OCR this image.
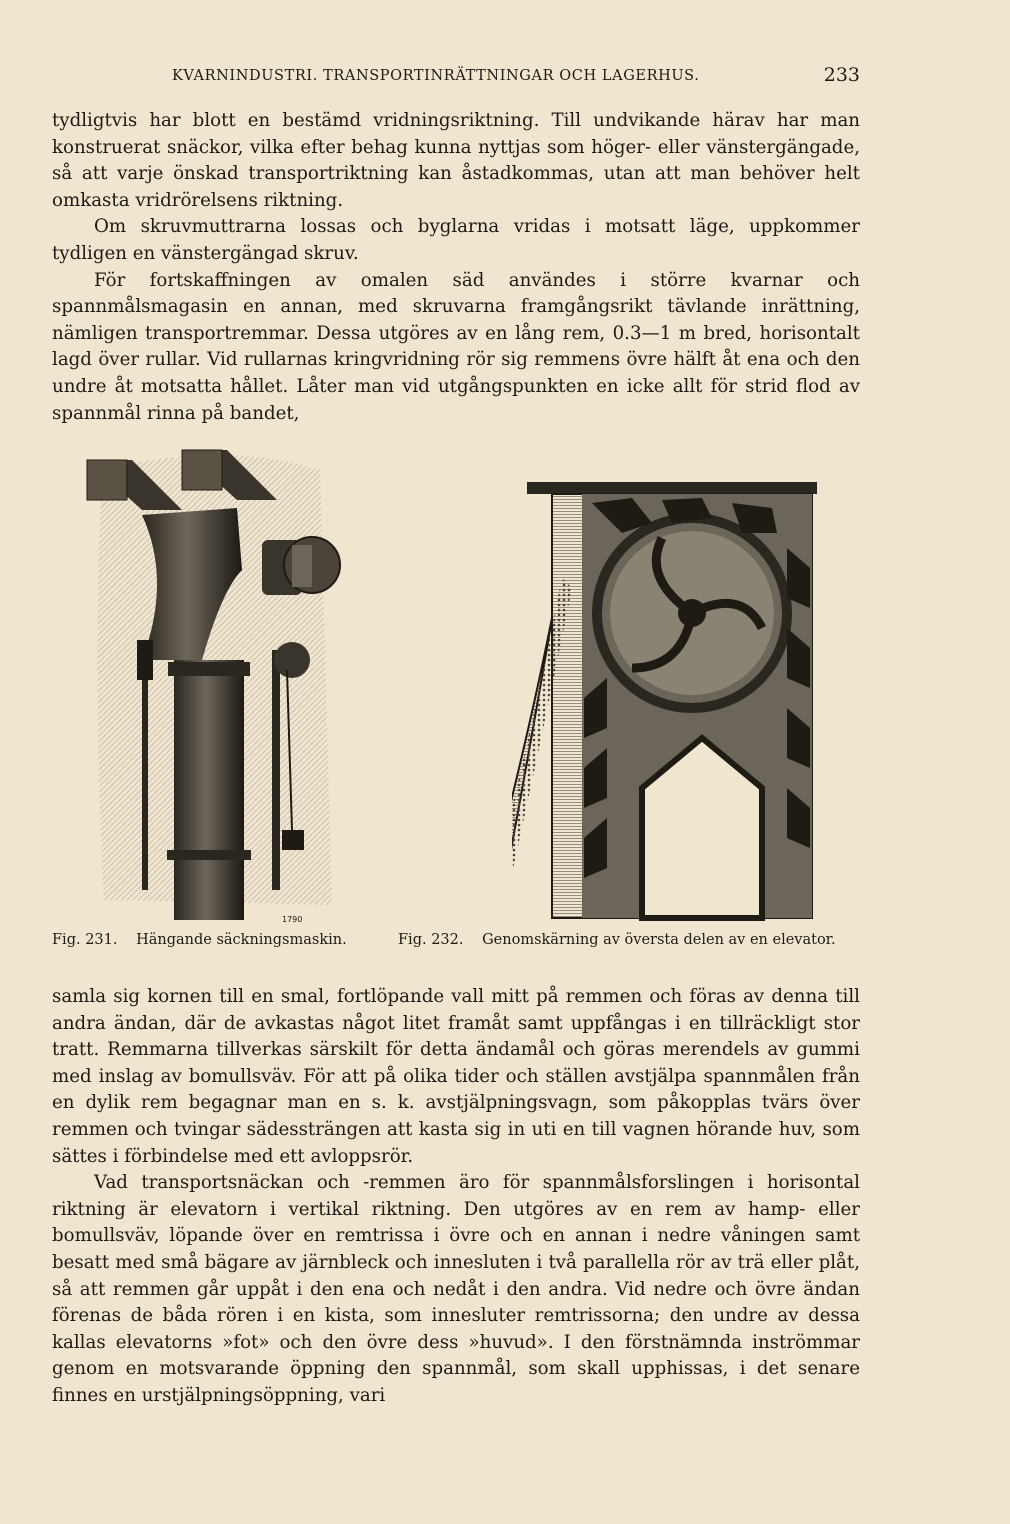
KVARNINDUSTRI. TRANSPORTINRÄTTNINGAR OCH LAGERHUS.	233

tydligtvis har blott en bestämd vridningsriktning. Till undvikande härav har man konstruerat snäckor, vilka efter behag kunna nyttjas som höger- eller vänstergängade, så att varje önskad transportriktning kan åstadkommas, utan att man behöver helt omkasta vridrörelsens riktning.

Om skruvmuttrarna lossas och byglarna vridas i motsatt läge, uppkommer tydligen en vänstergängad skruv.

För fortskaffningen av omalen säd användes i större kvarnar och spannmålsmagasin en annan, med skruvarna framgångsrikt tävlande inrättning, nämligen transportremmar. Dessa utgöres av en lång rem, 0.3—1 m bred, horisontalt lagd över rullar. Vid rullarnas kringvridning rör sig remmens övre hälft åt ena och den undre åt motsatta hållet. Låter man vid utgångspunkten en icke allt för strid flod av spannmål rinna på bandet,

1790
Fig. 231. Hängande säckningsmaskin.	Fig. 232. Genomskärning av översta delen av en elevator.

samla sig kornen till en smal, fortlöpande vall mitt på remmen och föras av denna till andra ändan, där de avkastas något litet framåt samt uppfångas i en tillräckligt stor tratt. Remmarna tillverkas särskilt för detta ändamål och göras merendels av gummi med inslag av bomullsväv. För att på olika tider och ställen avstjälpa spannmålen från en dylik rem begagnar man en s. k. avstjälpningsvagn, som påkopplas tvärs över remmen och tvingar sädessträngen att kasta sig in uti en till vagnen hörande huv, som sättes i förbindelse med ett avloppsrör.

Vad transportsnäckan och -remmen äro för spannmålsforslingen i horisontal riktning är elevatorn i vertikal riktning. Den utgöres av en rem av hamp- eller bomullsväv, löpande över en remtrissa i övre och en annan i nedre våningen samt besatt med små bägare av järnbleck och innesluten i två parallella rör av trä eller plåt, så att remmen går uppåt i den ena och nedåt i den andra. Vid nedre och övre ändan förenas de båda rören i en kista, som innesluter remtrissorna; den undre av dessa kallas elevatorns »fot» och den övre dess »huvud». I den förstnämnda inströmmar genom en motsvarande öppning den spannmål, som skall upphissas, i det senare finnes en urstjälpningsöppning, vari
